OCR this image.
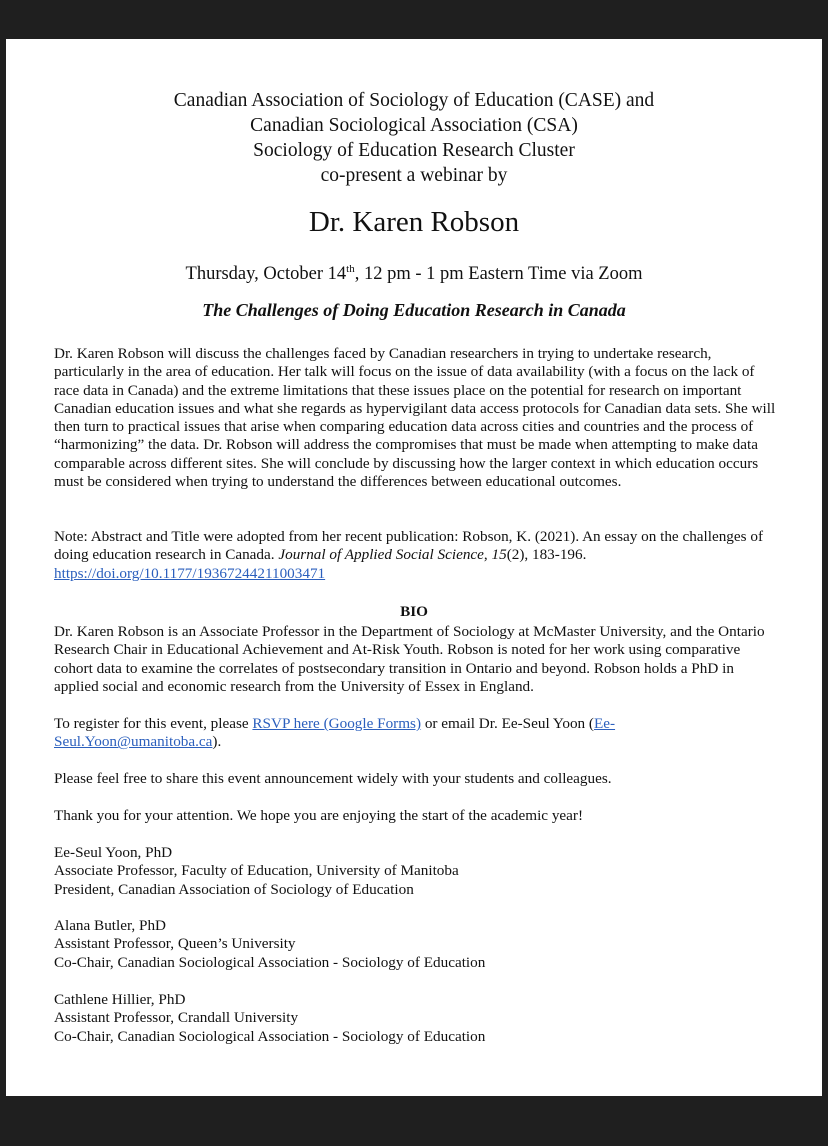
Canadian Association of Sociology of Education (CASE) and

Canadian Sociological Association (CSA)

Sociology of Education Research Cluster

co-present a webinar by

Dr. Karen Robson
Thursday, October 14th, 12 pm - 1 pm Eastern Time via Zoom
The Challenges of Doing Education Research in Canada

Dr. Karen Robson will discuss the challenges faced by Canadian researchers in trying to undertake research, particularly in the area of education. Her talk will focus on the issue of data availability (with a focus on the lack of race data in Canada) and the extreme limitations that these issues place on the potential for research on important Canadian education issues and what she regards as hypervigilant data access protocols for Canadian data sets. She will then turn to practical issues that arise when comparing education data across cities and countries and the process of “harmonizing” the data. Dr. Robson will address the compromises that must be made when attempting to make data comparable across different sites. She will conclude by discussing how the larger context in which education occurs must be considered when trying to understand the differences between educational outcomes.

Note: Abstract and Title were adopted from her recent publication: Robson, K. (2021). An essay on the challenges of doing education research in Canada. Journal of Applied Social Science, 15(2), 183-196.
https://doi.org/10.1177/19367244211003471

BIO

Dr. Karen Robson is an Associate Professor in the Department of Sociology at McMaster University, and the Ontario Research Chair in Educational Achievement and At-Risk Youth. Robson is noted for her work using comparative cohort data to examine the correlates of postsecondary transition in Ontario and beyond. Robson holds a PhD in applied social and economic research from the University of Essex in England.

To register for this event, please RSVP here (Google Forms) or email Dr. Ee-Seul Yoon (Ee-
Seul.Yoon@umanitoba.ca).

Please feel free to share this event announcement widely with your students and colleagues.

Thank you for your attention. We hope you are enjoying the start of the academic year!

Ee-Seul Yoon, PhD
Associate Professor, Faculty of Education, University of Manitoba
President, Canadian Association of Sociology of Education

Alana Butler, PhD
Assistant Professor, Queen’s University
Co-Chair, Canadian Sociological Association - Sociology of Education

Cathlene Hillier, PhD
Assistant Professor, Crandall University
Co-Chair, Canadian Sociological Association - Sociology of Education
